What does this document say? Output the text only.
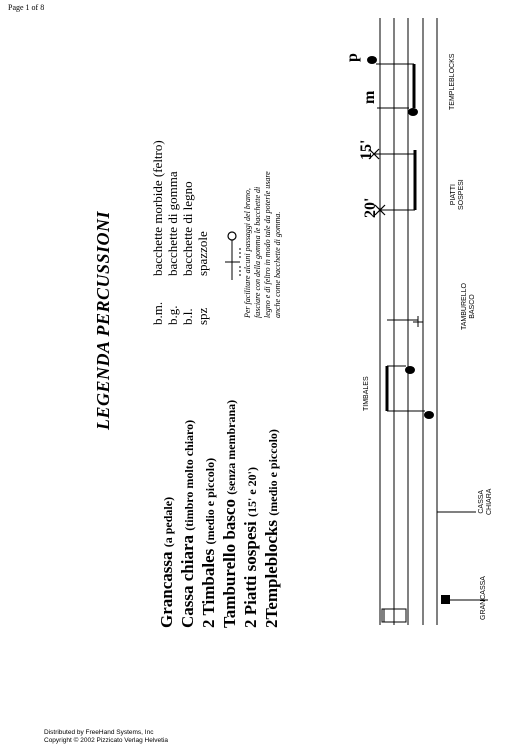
Page 1 of 8
LEGENDA PERCUSSIONI
Grancassa (a pedale)
Cassa chiara (timbro molto chiaro)
2 Timbales (medio e piccolo) Tamburello basco (senza membrana)
2 Piatti sospesi (15' e 20')
2Templeblocks (medio e piccolo)
b.m. b.g. b.l. spz
bacchette morbide (feltro) bacchette di gomma bacchette di legno spazzole	Per facilitare alcuni passaggi del brano, fasciare con della gomma le bacchette di legno e di feltro in modo tale da poterle usare anche come bacchette di gomma.
20'
15'
m
p
GRANCASSA
CASSA CHIARA
TIMBALES
TAMBURELLO BASCO
PIATTI SOSPESI
TEMPLEBLOCKS
Distributed by FreeHand Systems, Inc
Copyright © 2002 Pizzicato Verlag Helvetia
